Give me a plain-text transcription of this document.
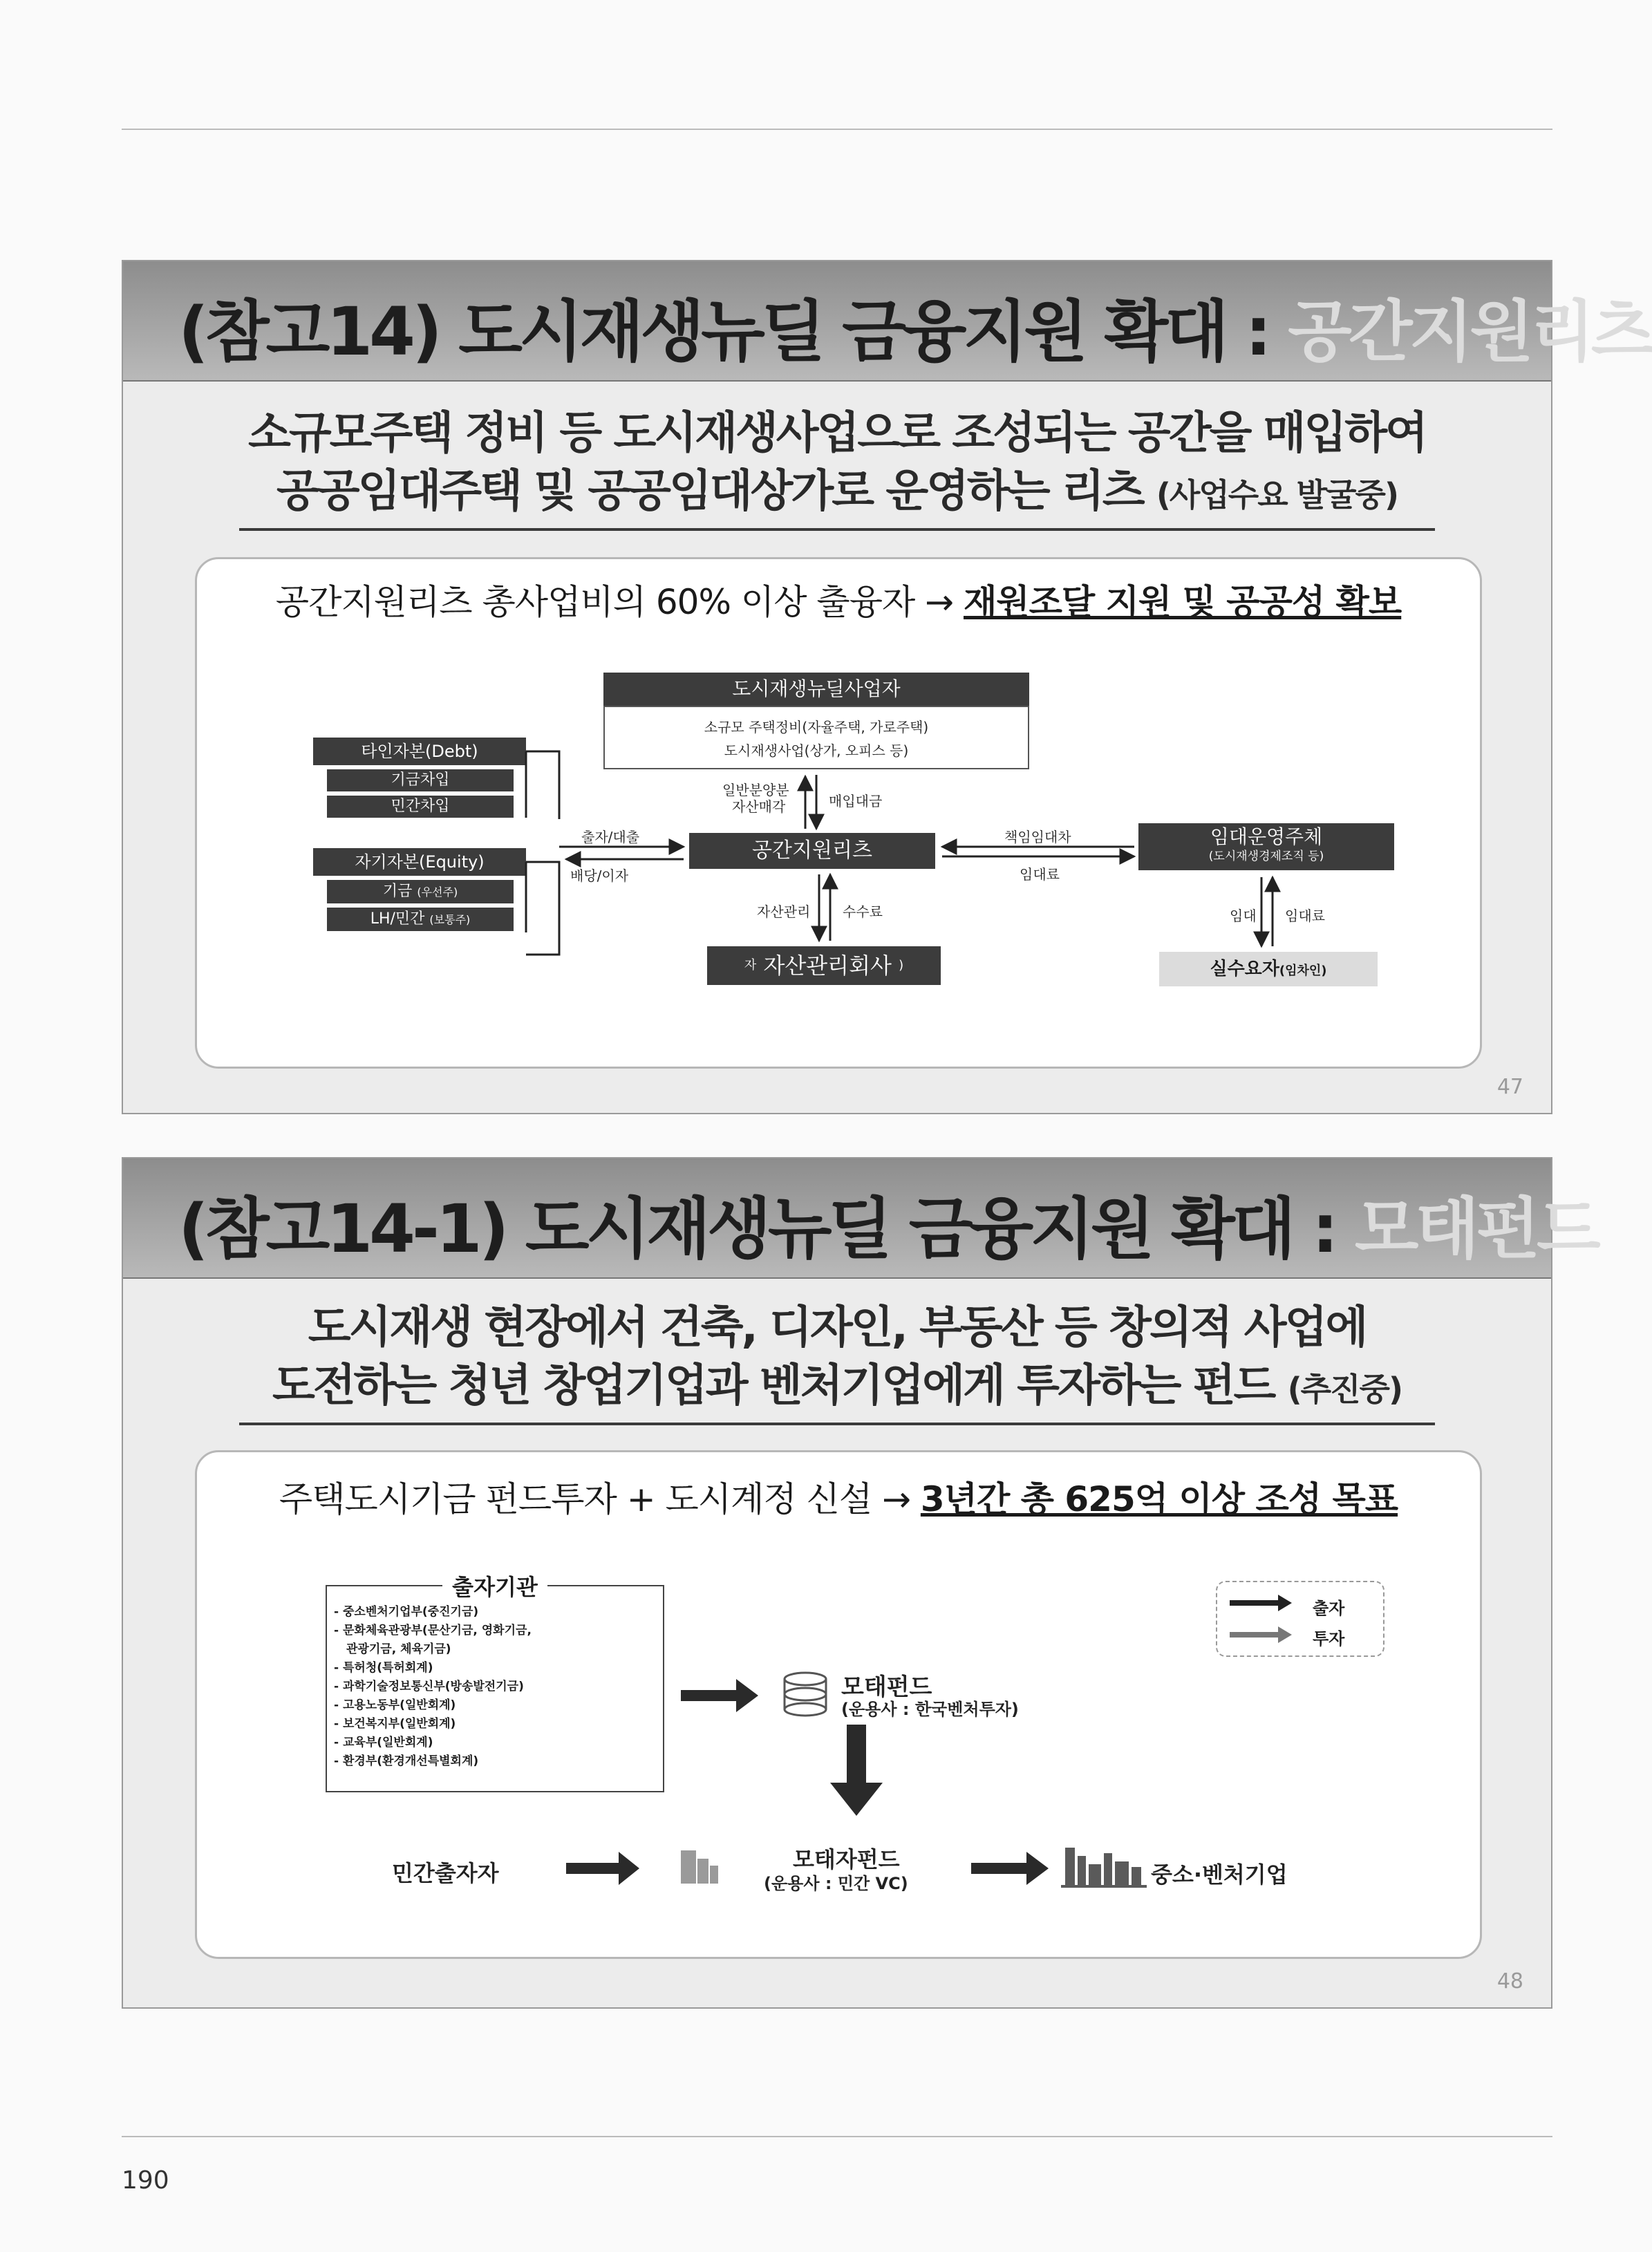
(참고14) 도시재생뉴딜 금융지원 확대 : 공간지원리츠
소규모주택 정비 등 도시재생사업으로 조성되는 공간을 매입하여
공공임대주택 및 공공임대상가로 운영하는 리츠 (사업수요 발굴중)
공간지원리츠 총사업비의 60% 이상 출융자 → 재원조달 지원 및 공공성 확보
도시재생뉴딜사업자
소규모 주택정비(자율주택, 가로주택)
도시재생사업(상가, 오피스 등)
타인자본(Debt)
기금차입
민간차입
자기자본(Equity)
기금 (우선주)
LH/민간 (보통주)
공간지원리츠
임대운영주체
(도시재생경제조직 등)
$^자$ 자산관리회사 )	실수요자(임차인)
출자/대출
배당/이자
일반분양분
자산매각	매입대금
책임임대차
임대료
자산관리 수수료	임대 임대료
47
(참고14-1) 도시재생뉴딜 금융지원 확대 : 모태펀드
도시재생 현장에서 건축, 디자인, 부동산 등 창의적 사업에
도전하는 청년 창업기업과 벤처기업에게 투자하는 펀드 (추진중)
주택도시기금 펀드투자 + 도시계정 신설 → 3년간 총 625억 이상 조성 목표
출자기관
- 중소벤처기업부(중진기금)
- 문화체육관광부(문산기금, 영화기금,
관광기금, 체육기금)
- 특허청(특허회계)
- 과학기술정보통신부(방송발전기금)
- 고용노동부(일반회계)
- 보건복지부(일반회계)
- 교육부(일반회계)
- 환경부(환경개선특별회계)
출자
투자
모태펀드
(운용사 : 한국벤처투자)
민간출자자
모태자펀드
(운용사 : 민간 VC)	중소·벤처기업
48
190
